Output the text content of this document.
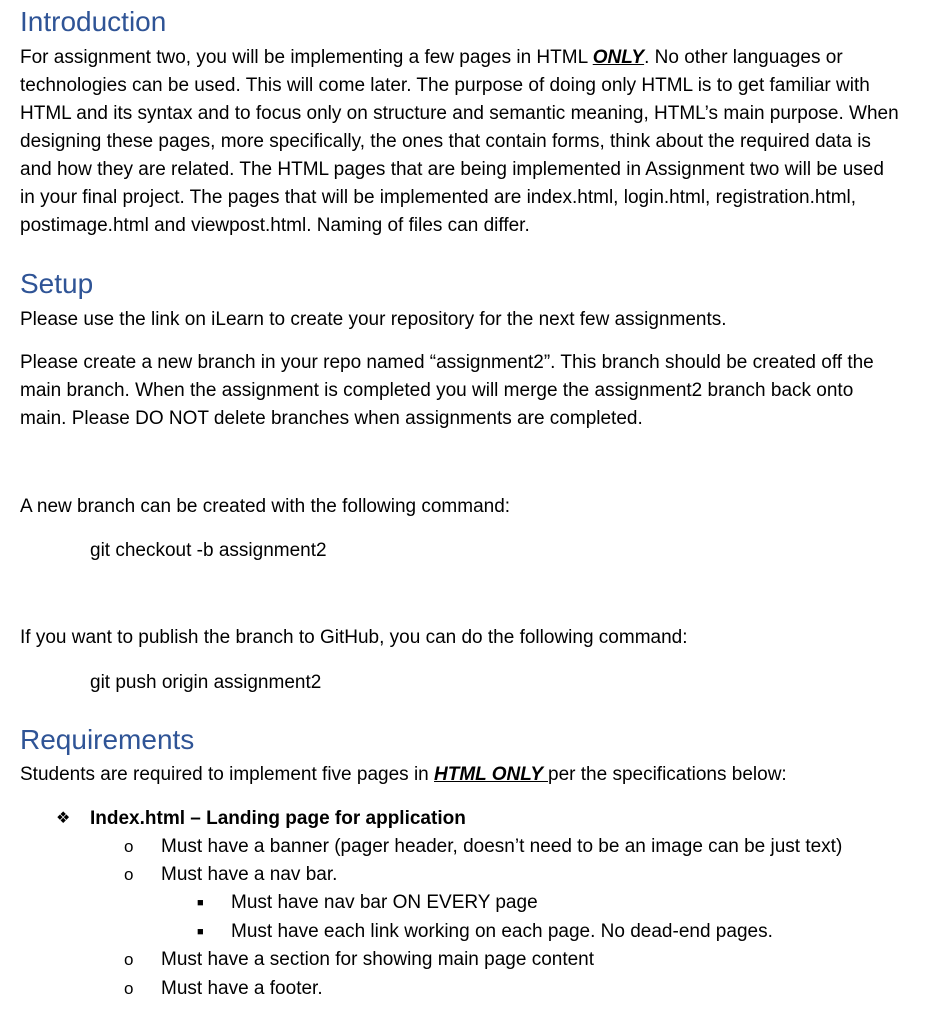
Introduction

For assignment two, you will be implementing a few pages in HTML ONLY. No other languages or

technologies can be used. This will come later. The purpose of doing only HTML is to get familiar with

HTML and its syntax and to focus only on structure and semantic meaning, HTML’s main purpose. When

designing these pages, more specifically, the ones that contain forms, think about the required data is

and how they are related. The HTML pages that are being implemented in Assignment two will be used

in your final project. The pages that will be implemented are index.html, login.html, registration.html,

postimage.html and viewpost.html. Naming of files can differ.

Setup

Please use the link on iLearn to create your repository for the next few assignments.

Please create a new branch in your repo named “assignment2”. This branch should be created off the

main branch. When the assignment is completed you will merge the assignment2 branch back onto

main. Please DO NOT delete branches when assignments are completed.

A new branch can be created with the following command:

git checkout -b assignment2

If you want to publish the branch to GitHub, you can do the following command:

git push origin assignment2

Requirements

Students are required to implement five pages in HTML ONLY per the specifications below:

❖ Index.html – Landing page for application
o Must have a banner (pager header, doesn’t need to be an image can be just text)
o Must have a nav bar.
■ Must have nav bar ON EVERY page
■ Must have each link working on each page. No dead-end pages.
o Must have a section for showing main page content
o Must have a footer.
